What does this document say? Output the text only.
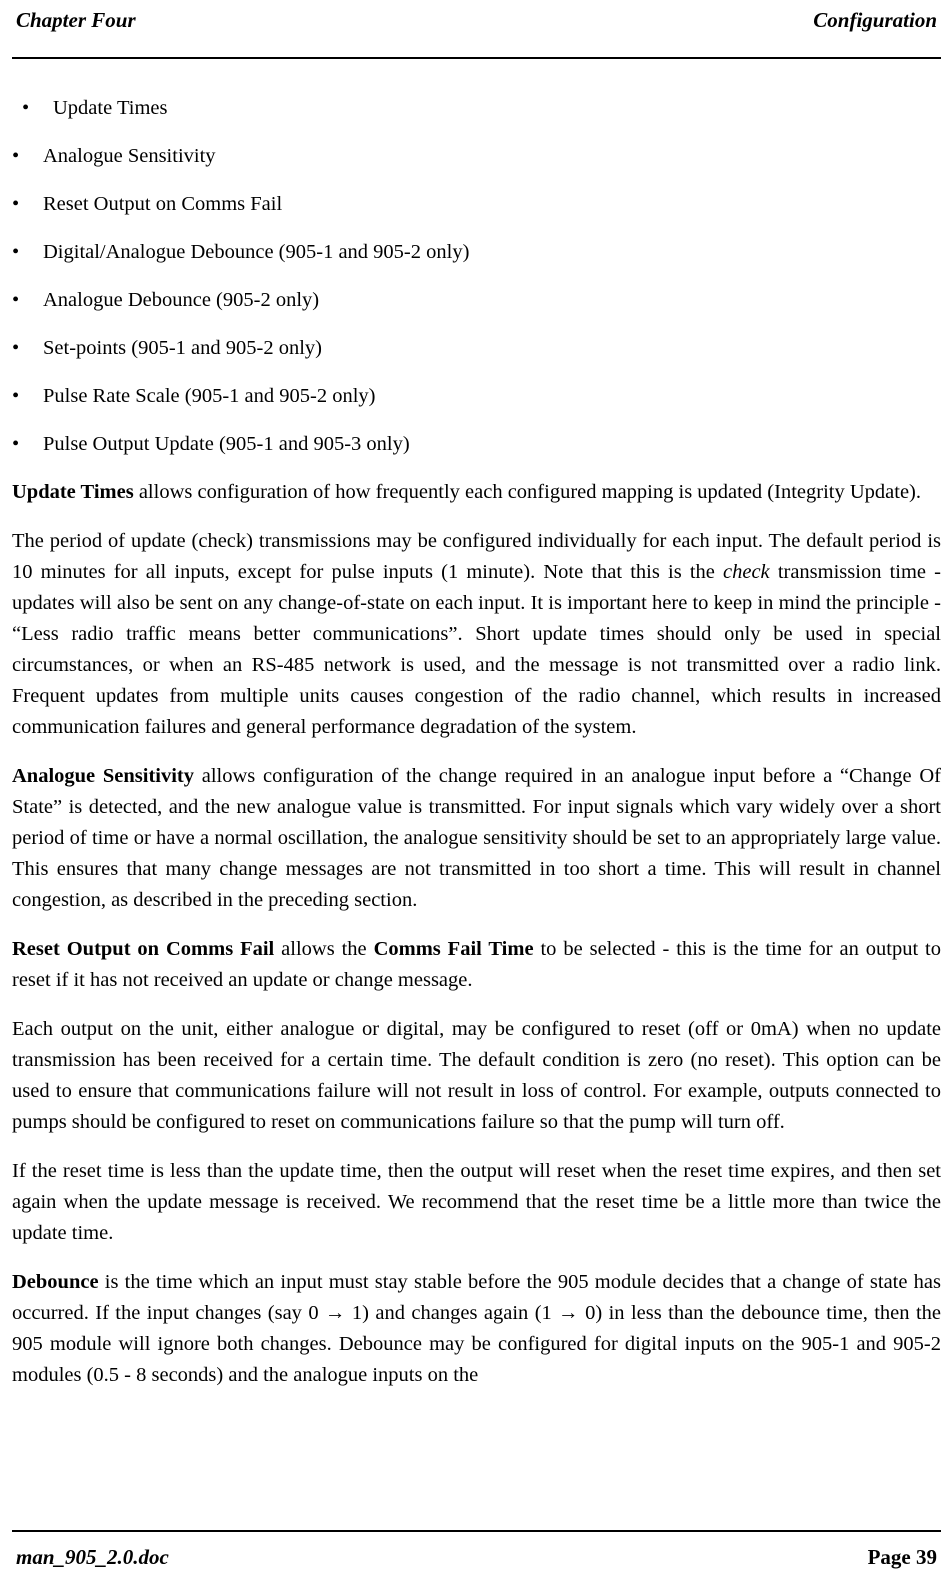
Chapter Four	Configuration
•	Update Times
•	Analogue Sensitivity
•	Reset Output on Comms Fail
•	Digital/Analogue Debounce (905-1 and 905-2 only)
•	Analogue Debounce (905-2 only)
•	Set-points (905-1 and 905-2 only)
•	Pulse Rate Scale (905-1 and 905-2 only)
•	Pulse Output Update (905-1 and 905-3 only)

Update Times allows configuration of how frequently each configured mapping is updated (Integrity Update).

The period of update (check) transmissions may be configured individually for each input. The default period is 10 minutes for all inputs, except for pulse inputs (1 minute). Note that this is the check transmission time - updates will also be sent on any change-of-state on each input. It is important here to keep in mind the principle - “Less radio traffic means better communications”. Short update times should only be used in special circumstances, or when an RS-485 network is used, and the message is not transmitted over a radio link. Frequent updates from multiple units causes congestion of the radio channel, which results in increased communication failures and general performance degradation of the system.

Analogue Sensitivity allows configuration of the change required in an analogue input before a “Change Of State” is detected, and the new analogue value is transmitted. For input signals which vary widely over a short period of time or have a normal oscillation, the analogue sensitivity should be set to an appropriately large value. This ensures that many change messages are not transmitted in too short a time. This will result in channel congestion, as described in the preceding section.

Reset Output on Comms Fail allows the Comms Fail Time to be selected - this is the time for an output to reset if it has not received an update or change message.

Each output on the unit, either analogue or digital, may be configured to reset (off or 0mA) when no update transmission has been received for a certain time. The default condition is zero (no reset). This option can be used to ensure that communications failure will not result in loss of control. For example, outputs connected to pumps should be configured to reset on communications failure so that the pump will turn off.

If the reset time is less than the update time, then the output will reset when the reset time expires, and then set again when the update message is received. We recommend that the reset time be a little more than twice the update time.

Debounce is the time which an input must stay stable before the 905 module decides that a change of state has occurred. If the input changes (say 0 → 1) and changes again (1 → 0) in less than the debounce time, then the 905 module will ignore both changes. Debounce may be configured for digital inputs on the 905-1 and 905-2 modules (0.5 - 8 seconds) and the analogue inputs on the

man_905_2.0.doc	Page 39
